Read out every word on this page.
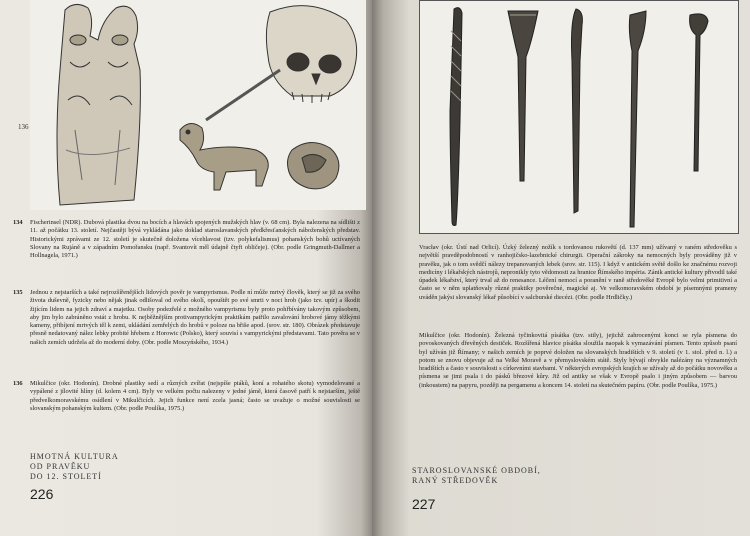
136
134 Fischerinsel (NDR). Dubová plastika dvou na bocích a hlavách spojených mužských hlav (v. 68 cm). Byla nalezena na sídlišti z 11. až počátku 13. století. Nejčastěji bývá vykládána jako doklad staroslavanských předkřesťanských náboženských představ. Historickými zprávami ze 12. století je skutečně doložena vícehlavost (tzv. polykefalismus) pohanských bohů uctívaných Slovany na Rujáně a v západním Pomořansku (např. Svantovít měl údajně čtyři obličeje). (Obr. podle Gringmuth-Dallmer a Hollnagela, 1971.)

135 Jednou z nejstarších a také nejrozšířenějších lidových pověr je vampyrismus. Podle ní může mrtvý člověk, který se již za svého života duševně, fyzicky nebo nějak jinak odlišoval od svého okolí, opouštět po své smrti v noci hrob (jako tzv. upír) a škodit žijícím lidem na jejich zdraví a majetku. Osoby podezřelé z možného vampyrismu byly proto pohřbívány takovým způsobem, aby jim bylo zabráněno vstát z hrobu. K nejběžnějším protivampyrickým praktikám patřilo zavalování hrobové jámy těžkými kameny, přibíjení mrtvých těl k zemi, ukládání zemřelých do hrobů v poloze na břiše apod. (srov. str. 180). Obrázek představuje přesně nedatovaný nález lebky probité hřebem z Horowic (Polsko), který souvisí s vampyrickými představami. Tato pověra se v našich zemích udržela až do moderní doby. (Obr. podle Moszyńského, 1934.)

136 Mikulčice (okr. Hodonín). Drobné plastiky sedí a různých zvířat (nejspíše ptáků, koní a rohatého skotu) vymodelované a vypálené z jílovité hlíny (d. kolem 4 cm). Byly ve velkém počtu nalezeny v jedné jámě, která časově patří k nejstarším, ještě předvelkomoravskému osídlení v Mikulčicích. Jejich funkce není zcela jasná; často se uvažuje o možné souvislosti se slovanským pohanským kultem. (Obr. podle Poulíka, 1975.)

HMOTNÁ KULTURA
OD PRAVĚKU
DO 12. STOLETÍ
226

Vracłav (okr. Ústí nad Orlicí). Úzký železný nožík s tordovanou rukovětí (d. 137 mm) užívaný v raném středověku s největší pravděpodobností v ranhojičsko-lazebnické chirurgii. Operační zákroky na nemocných byly prováděny již v pravěku, jak o tom svědčí nálezy trepanovaných lebek (srov. str. 115). I když v antickém světě došlo ke značnému rozvoji medicíny i lékařských nástrojů, nepronikly tyto vědomosti za hranice Římského impéria. Zánik antické kultury přivodil také úpadek lékařství, který trval až do renesance. Léčení nemocí a poranění v raně středověké Evropě bylo velmi primitivní a často se v něm uplatňovaly různé praktiky pověrečné, magické aj. Ve velkomoravském období je písemnými prameny uváděn jakýsi slovanský lékař působící v salcburské diecézi. (Obr. podle Hrdličky.)

Mikulčice (okr. Hodonín). Železná tyčinkovitá písátka (tzv. stily), jejichž zahrocenými konci se ryla písmena do povoskovaných dřevěných destiček. Rozšířená hlavice písátka sloužila naopak k vymazávání písmen. Tento způsob psaní byl užíván již Římany; v našich zemích je poprvé doložen na slovanských hradištích v 9. století (v 1. stol. před n. l.) a potom se znovu objevuje až na Velké Moravě a v přemyslovském státě. Styly bývají obvykle nalézány na významných hradištích a často v souvislosti s církevními stavbami. V některých evropských krajích se užívaly až do počátku novověku a písmena se jimi psala i do pásků březové kůry. Již od antiky se však v Evropě psalo i jiným způsobem — barvou (inkoustem) na papyru, později na pergamenu a koncem 14. století na skutečném papíru. (Obr. podle Poulíka, 1975.)

STAROSLOVANSKÉ OBDOBÍ,
RANÝ STŘEDOVĚK
227
